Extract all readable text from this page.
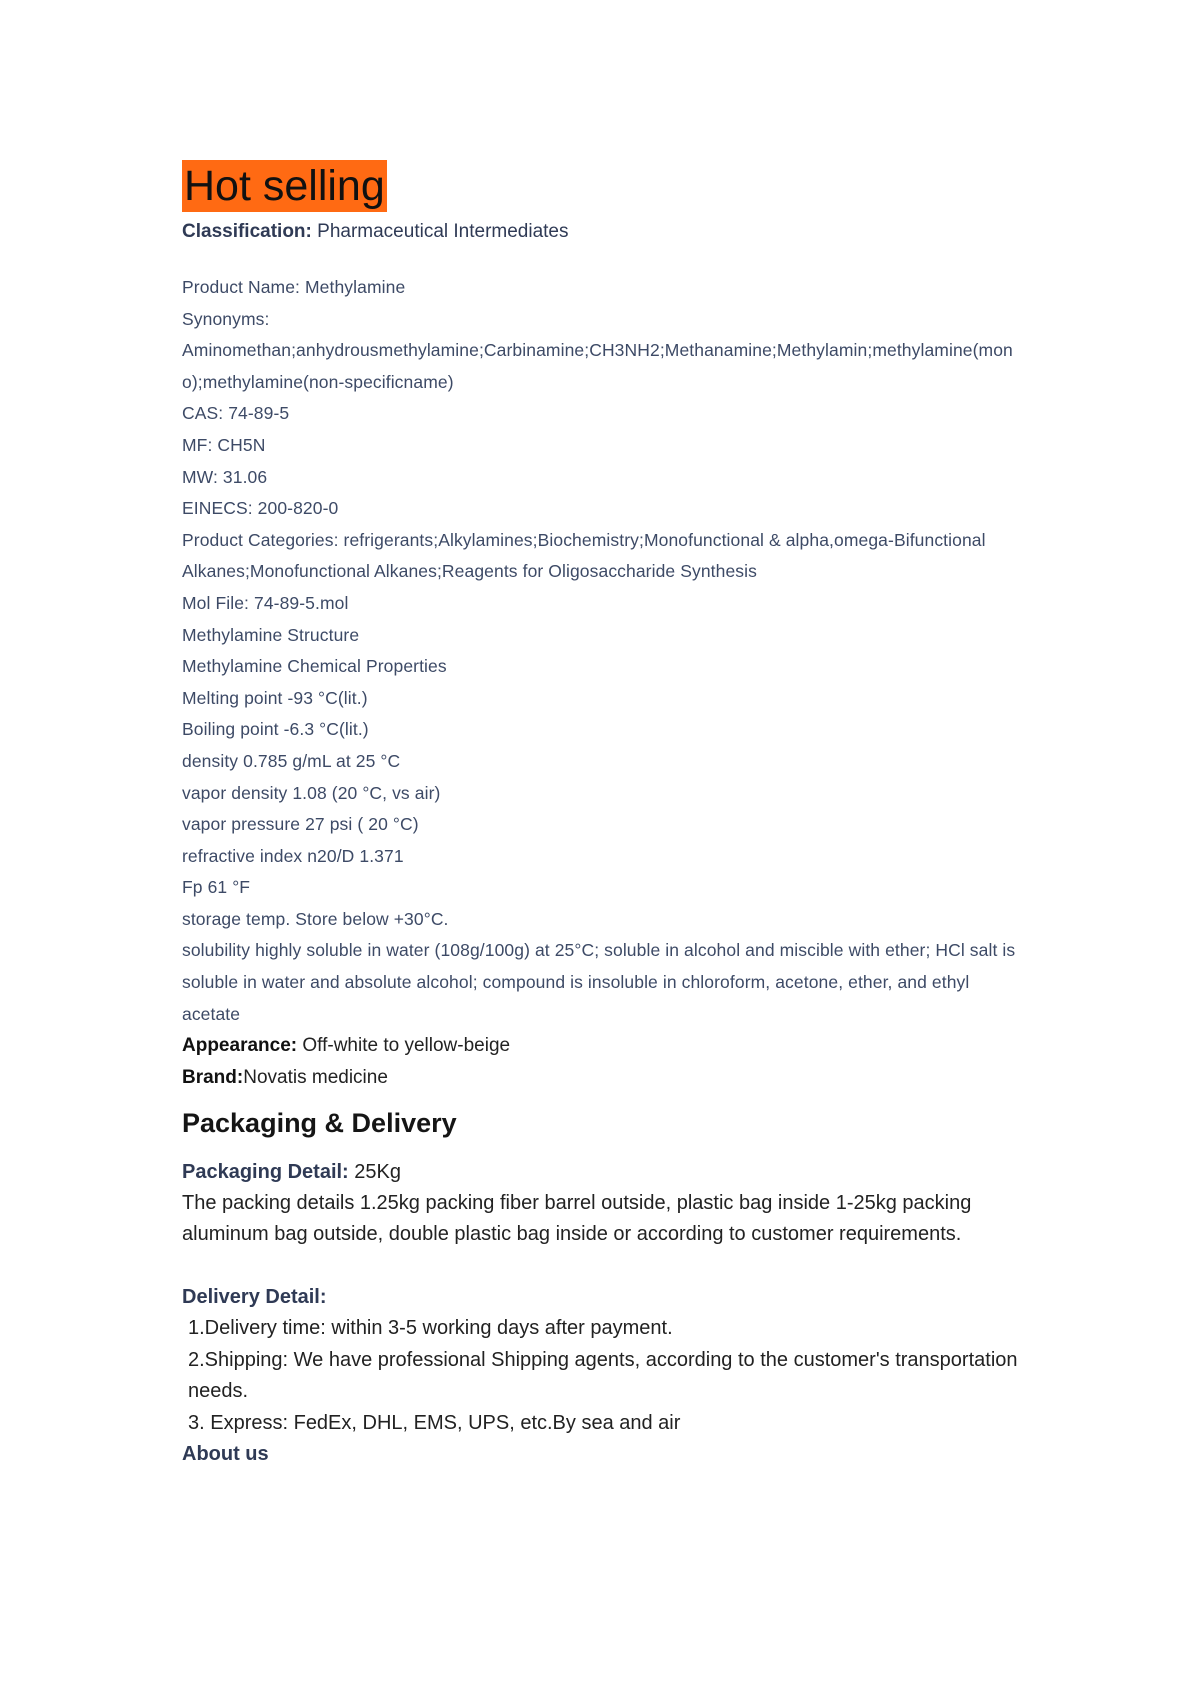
Hot selling
Classification: Pharmaceutical Intermediates
Product Name: Methylamine
Synonyms:
Aminomethan;anhydrousmethylamine;Carbinamine;CH3NH2;Methanamine;Methylamin;methylamine(mono);methylamine(non-specificname)
CAS: 74-89-5
MF: CH5N
MW: 31.06
EINECS: 200-820-0
Product Categories: refrigerants;Alkylamines;Biochemistry;Monofunctional & alpha,omega-Bifunctional Alkanes;Monofunctional Alkanes;Reagents for Oligosaccharide Synthesis
Mol File: 74-89-5.mol
Methylamine Structure
Methylamine Chemical Properties
Melting point -93 °C(lit.)
Boiling point -6.3 °C(lit.)
density 0.785 g/mL at 25 °C
vapor density 1.08 (20 °C, vs air)
vapor pressure 27 psi ( 20 °C)
refractive index n20/D 1.371
Fp 61 °F
storage temp. Store below +30°C.
solubility highly soluble in water (108g/100g) at 25°C; soluble in alcohol and miscible with ether; HCl salt is soluble in water and absolute alcohol; compound is insoluble in chloroform, acetone, ether, and ethyl acetate
Appearance: Off-white to yellow-beige
Brand:Novatis medicine
Packaging & Delivery
Packaging Detail: 25Kg
The packing details 1.25kg packing fiber barrel outside, plastic bag inside 1-25kg packing aluminum bag outside, double plastic bag inside or according to customer requirements.
Delivery Detail:
1.Delivery time: within 3-5 working days after payment.
2.Shipping: We have professional Shipping agents, according to the customer's transportation needs.
3. Express: FedEx, DHL, EMS, UPS, etc.By sea and air
About us
